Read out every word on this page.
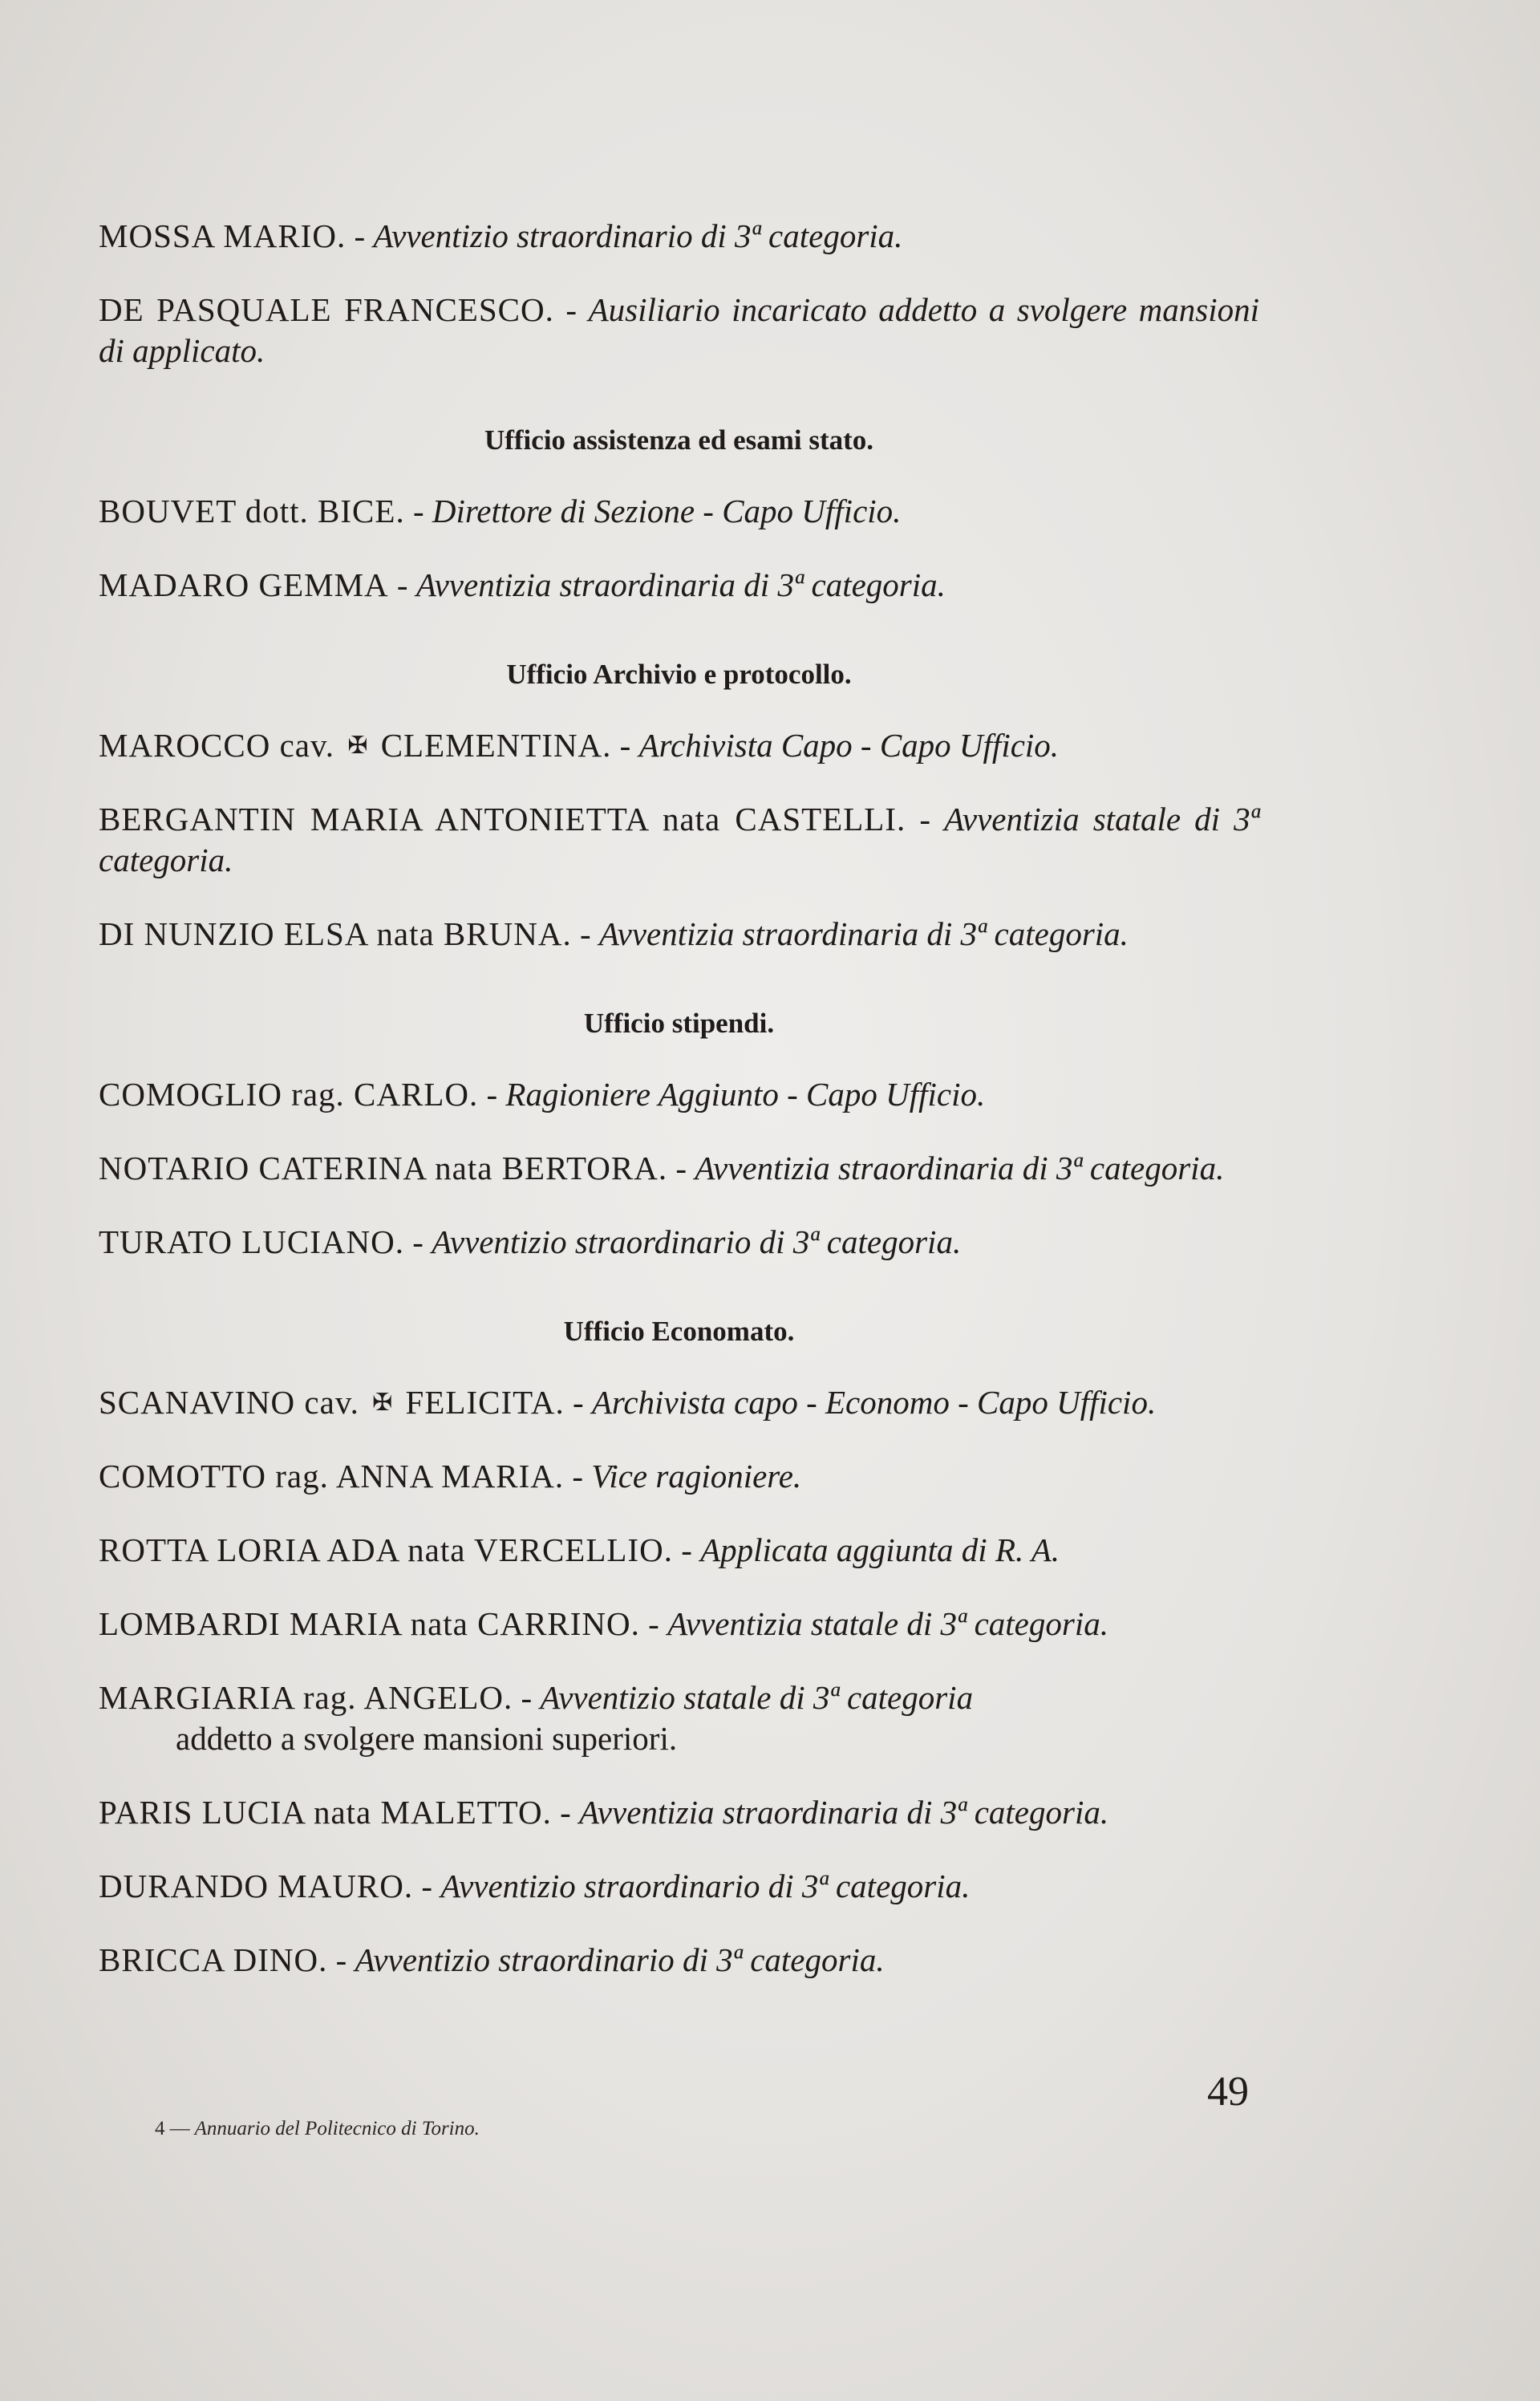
MOSSA MARIO. - Avventizio straordinario di 3ª categoria.

DE PASQUALE FRANCESCO. - Ausiliario incaricato addetto a svolgere mansioni di applicato.

Ufficio assistenza ed esami stato.

BOUVET dott. BICE. - Direttore di Sezione - Capo Ufficio.

MADARO GEMMA - Avventizia straordinaria di 3ª categoria.

Ufficio Archivio e protocollo.

MAROCCO cav. ✠ CLEMENTINA. - Archivista Capo - Capo Ufficio.

BERGANTIN MARIA ANTONIETTA nata CASTELLI. - Avventizia statale di 3ª categoria.

DI NUNZIO ELSA nata BRUNA. - Avventizia straordinaria di 3ª categoria.

Ufficio stipendi.

COMOGLIO rag. CARLO. - Ragioniere Aggiunto - Capo Ufficio.

NOTARIO CATERINA nata BERTORA. - Avventizia straordinaria di 3ª categoria.

TURATO LUCIANO. - Avventizio straordinario di 3ª categoria.

Ufficio Economato.

SCANAVINO cav. ✠ FELICITA. - Archivista capo - Economo - Capo Ufficio.

COMOTTO rag. ANNA MARIA. - Vice ragioniere.

ROTTA LORIA ADA nata VERCELLIO. - Applicata aggiunta di R. A.

LOMBARDI MARIA nata CARRINO. - Avventizia statale di 3ª categoria.

MARGIARIA rag. ANGELO. - Avventizio statale di 3ª categoria
addetto a svolgere mansioni superiori.

PARIS LUCIA nata MALETTO. - Avventizia straordinaria di 3ª categoria.

DURANDO MAURO. - Avventizio straordinario di 3ª categoria.

BRICCA DINO. - Avventizio straordinario di 3ª categoria.

49
4 — Annuario del Politecnico di Torino.
